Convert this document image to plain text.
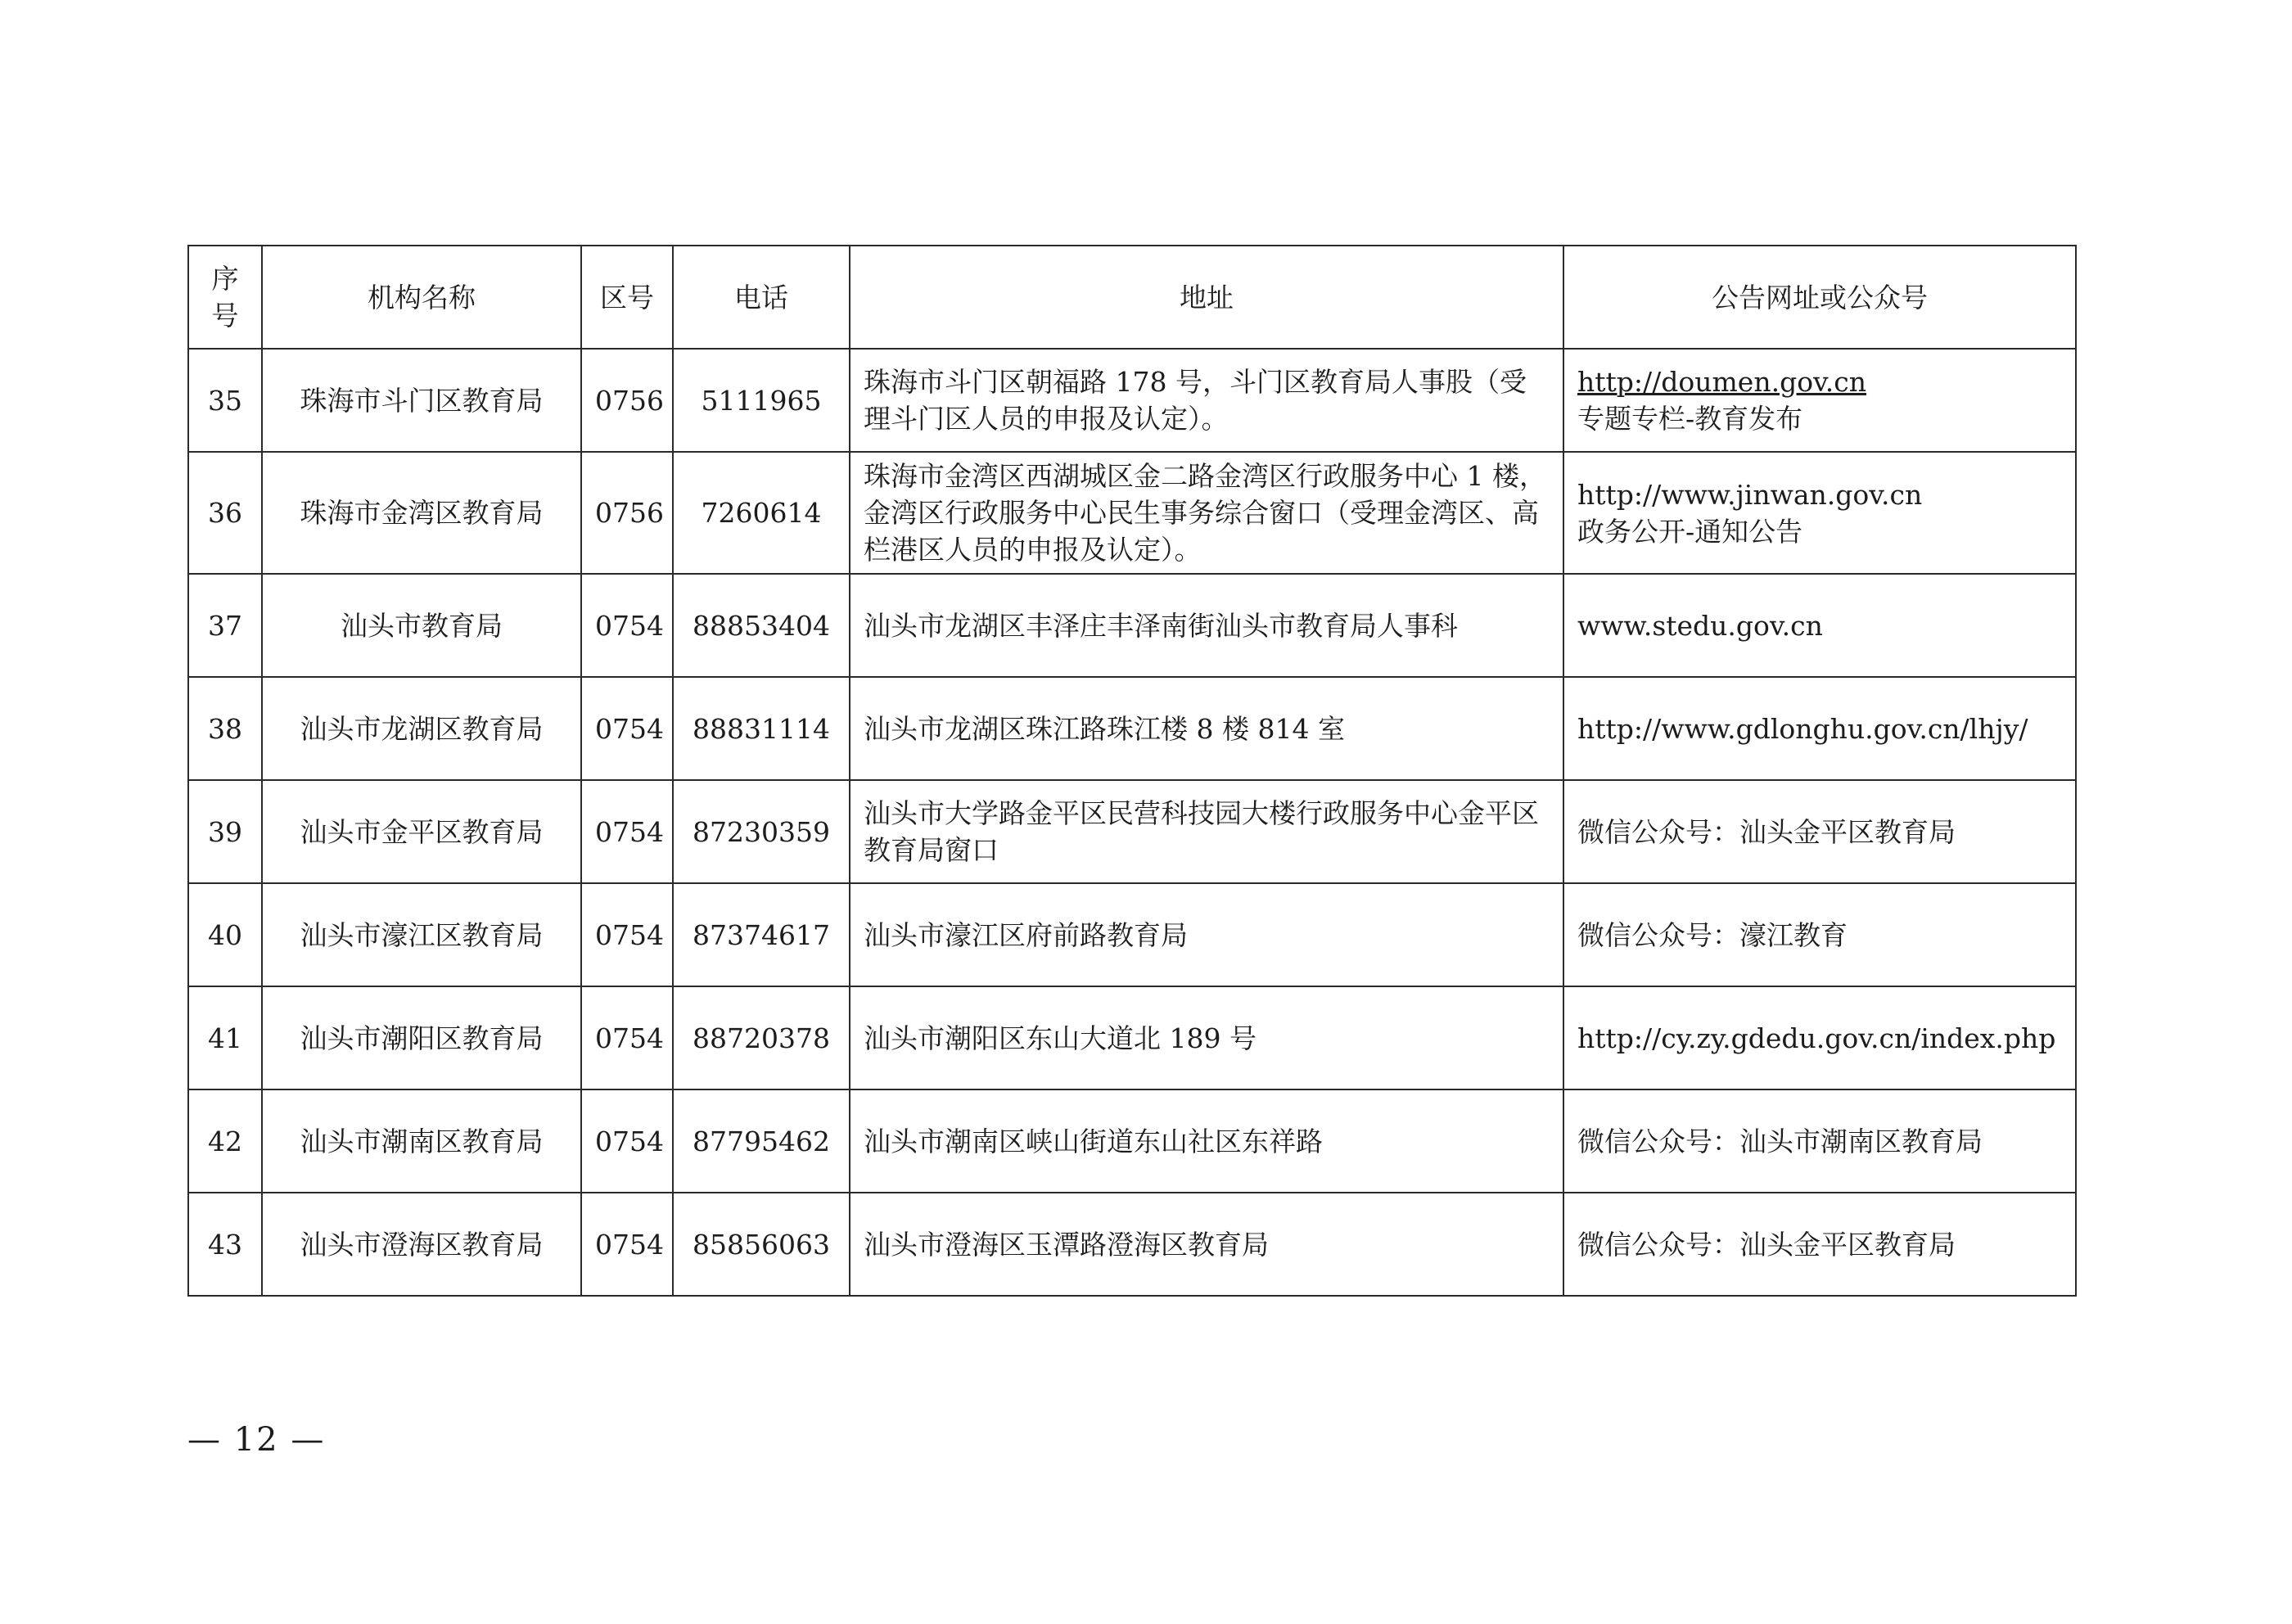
序
号	机构名称	区号	电话	地址	公告网址或公众号
35	珠海市斗门区教育局	0756	5111965	珠海市斗门区朝福路 178 号，斗门区教育局人事股（受理斗门区人员的申报及认定）。	http://doumen.gov.cn
专题专栏-教育发布

36	珠海市金湾区教育局	0756	7260614	珠海市金湾区西湖城区金二路金湾区行政服务中心 1 楼，金湾区行政服务中心民生事务综合窗口（受理金湾区、高栏港区人员的申报及认定）。	http://www.jinwan.gov.cn
政务公开-通知公告

37	汕头市教育局	0754	88853404	汕头市龙湖区丰泽庄丰泽南街汕头市教育局人事科	www.stedu.gov.cn
38	汕头市龙湖区教育局	0754	88831114	汕头市龙湖区珠江路珠江楼 8 楼 814 室	http://www.gdlonghu.gov.cn/lhjy/
39	汕头市金平区教育局	0754	87230359	汕头市大学路金平区民营科技园大楼行政服务中心金平区教育局窗口	微信公众号：汕头金平区教育局
40	汕头市濠江区教育局	0754	87374617	汕头市濠江区府前路教育局	微信公众号：濠江教育
41	汕头市潮阳区教育局	0754	88720378	汕头市潮阳区东山大道北 189 号	http://cy.zy.gdedu.gov.cn/index.php
42	汕头市潮南区教育局	0754	87795462	汕头市潮南区峡山街道东山社区东祥路	微信公众号：汕头市潮南区教育局
43	汕头市澄海区教育局	0754	85856063	汕头市澄海区玉潭路澄海区教育局	微信公众号：汕头金平区教育局
— 12 —
